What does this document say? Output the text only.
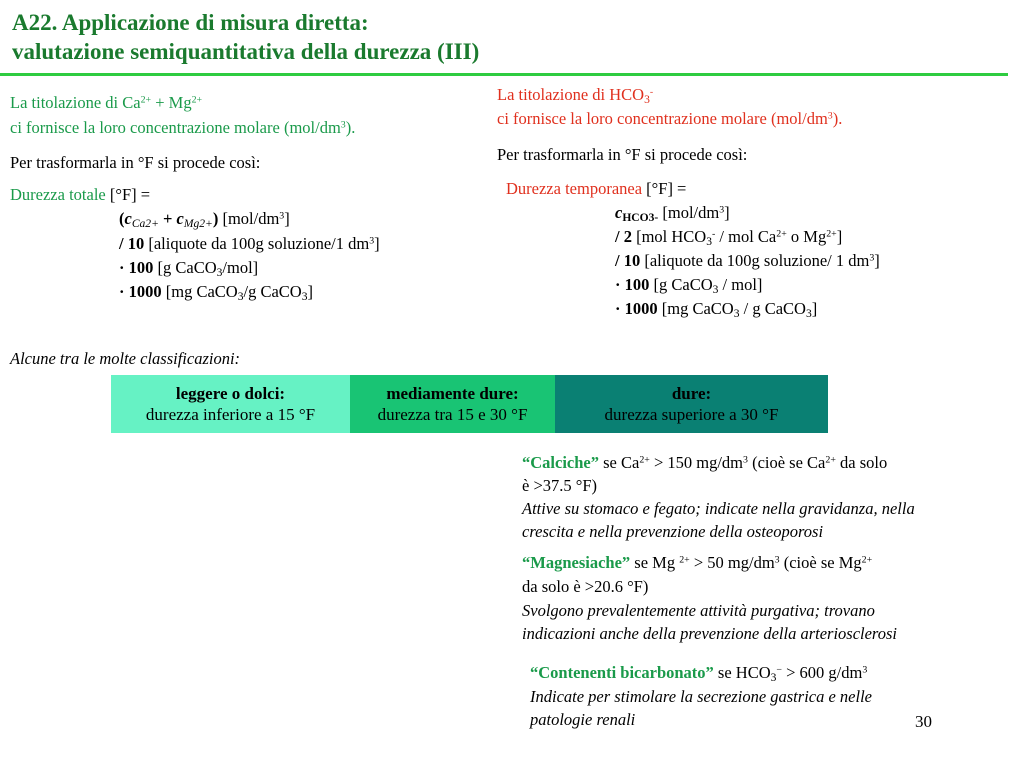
A22. Applicazione di misura diretta:
valutazione semiquantitativa della durezza (III)
La titolazione di $Ca^{2+} + Mg^{2+}$
ci fornisce la loro concentrazione molare $(mol/dm^3)$.
Per trasformarla in °F si procede così:
Durezza totale [°F] =
$(c_{Ca2+} + c_{Mg2+})$ $[mol/dm^3]$
/ 10 [aliquote da 100g soluzione/1 $dm^3$]
· 100 [g CaCO$_3$/mol]
· 1000 [mg CaCO$_3$/g CaCO$_3$]
La titolazione di $HCO_3^-$
ci fornisce la loro concentrazione molare $(mol/dm^3)$.
Per trasformarla in °F si procede così:
Durezza temporanea [°F] =
$c_{HCO3-}$ $[mol/dm^3]$
/ 2 [mol $HCO_3^-$ / mol $Ca^{2+}$ o $Mg^{2+}$]
/ 10 [aliquote da 100g soluzione/ 1 $dm^3$]
· 100 [g CaCO$_3$ / mol]
· 1000 [mg CaCO$_3$ / g CaCO$_3$]
Alcune tra le molte classificazioni:
leggere o dolci:
durezza inferiore a 15 °F
mediamente dure:
durezza tra 15 e 30 °F
dure:
durezza superiore a 30 °F
“Calciche” se $Ca^{2+} > 150$ $mg/dm^3$ (cioè se $Ca^{2+}$ da solo
è >37.5 °F)
Attive su stomaco e fegato; indicate nella gravidanza, nella
crescita e nella prevenzione della osteoporosi
“Magnesiache” se Mg $^{2+}$ > 50 $mg/dm^3$ (cioè se $Mg^{2+}$
da solo è >20.6 °F)
Svolgono prevalentemente attività purgativa; trovano
indicazioni anche della prevenzione della arteriosclerosi
“Contenenti bicarbonato” se $HCO_3^- > 600$ $g/dm^3$
Indicate per stimolare la secrezione gastrica e nelle
patologie renali	30
